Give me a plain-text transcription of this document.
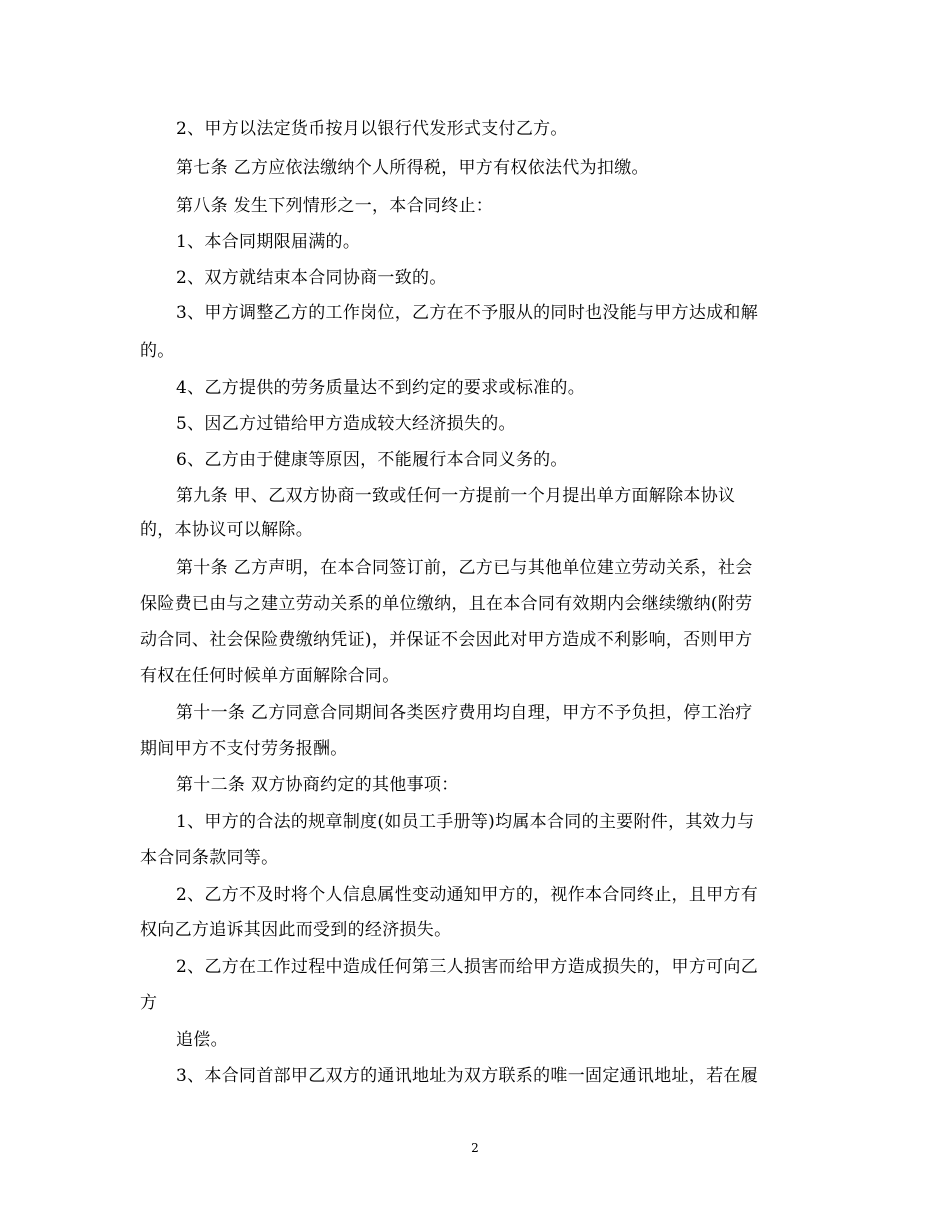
2、甲方以法定货币按月以银行代发形式支付乙方。
第七条 乙方应依法缴纳个人所得税，甲方有权依法代为扣缴。
第八条 发生下列情形之一，本合同终止：
1、本合同期限届满的。
2、双方就结束本合同协商一致的。
3、甲方调整乙方的工作岗位，乙方在不予服从的同时也没能与甲方达成和解
的。
4、乙方提供的劳务质量达不到约定的要求或标准的。
5、因乙方过错给甲方造成较大经济损失的。
6、乙方由于健康等原因，不能履行本合同义务的。
第九条 甲、乙双方协商一致或任何一方提前一个月提出单方面解除本协议
的，本协议可以解除。
第十条 乙方声明，在本合同签订前，乙方已与其他单位建立劳动关系，社会
保险费已由与之建立劳动关系的单位缴纳，且在本合同有效期内会继续缴纳(附劳
动合同、社会保险费缴纳凭证)，并保证不会因此对甲方造成不利影响，否则甲方
有权在任何时候单方面解除合同。
第十一条 乙方同意合同期间各类医疗费用均自理，甲方不予负担，停工治疗
期间甲方不支付劳务报酬。
第十二条 双方协商约定的其他事项：
1、甲方的合法的规章制度(如员工手册等)均属本合同的主要附件，其效力与
本合同条款同等。
2、乙方不及时将个人信息属性变动通知甲方的，视作本合同终止，且甲方有
权向乙方追诉其因此而受到的经济损失。
2、乙方在工作过程中造成任何第三人损害而给甲方造成损失的，甲方可向乙
方
追偿。
3、本合同首部甲乙双方的通讯地址为双方联系的唯一固定通讯地址，若在履
2
